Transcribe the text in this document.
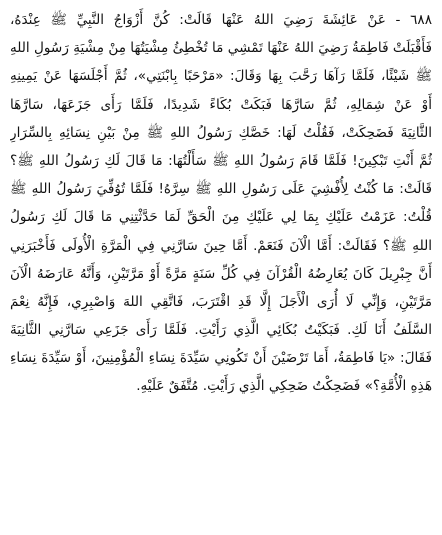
٦٨٨ - عَنْ عَائِشَةَ رَضِيَ اللهُ عَنْهَا قَالَتْ: كُنَّ أَزْوَاجُ النَّبِيِّ ﷺ عِنْدَهُ،
فَأَقْبَلَتْ فَاطِمَةُ رَضِيَ اللهُ عَنْهَا تَمْشِي مَا تُخْطِئُ مِشْيَتُهَا مِنْ مِشْيَةِ رَسُولِ اللهِ
ﷺ شَيْئًا، فَلَمَّا رَآهَا رَحَّبَ بِهَا وَقَالَ: «مَرْحَبًا بِابْنَتِي»، ثُمَّ أَجْلَسَهَا عَنْ يَمِينِهِ
أَوْ عَنْ شِمَالِهِ، ثُمَّ سَارَّهَا فَبَكَتْ بُكَاءً شَدِيدًا، فَلَمَّا رَأَى جَزَعَهَا، سَارَّهَا
الثَّانِيَةَ فَضَحِكَتْ، فَقُلْتُ لَهَا: خَصَّكِ رَسُولُ اللهِ ﷺ مِنْ بَيْنِ نِسَائِهِ بِالسِّرَارِ
ثُمَّ أَنْتِ تَبْكِينَ! فَلَمَّا قَامَ رَسُولُ اللهِ ﷺ سَأَلْتُهَا: مَا قَالَ لَكِ رَسُولُ اللهِ ﷺ؟
قَالَتْ: مَا كُنْتُ لِأُفْشِيَ عَلَى رَسُولِ اللهِ ﷺ سِرَّهُ! فَلَمَّا تُوُفِّيَ رَسُولُ اللهِ ﷺ
قُلْتُ: عَزَمْتُ عَلَيْكِ بِمَا لِي عَلَيْكِ مِنَ الْحَقِّ لَمَا حَدَّثْتِنِي مَا قَالَ لَكِ رَسُولُ
اللهِ ﷺ؟ فَقَالَتْ: أَمَّا الْآنَ فَنَعَمْ. أَمَّا حِينَ سَارَّنِي فِي الْمَرَّةِ الْأُولَى فَأَخْبَرَنِي
أَنَّ جِبْرِيلَ كَانَ يُعَارِضُهُ الْقُرْآنَ فِي كُلِّ سَنَةٍ مَرَّةً أَوْ مَرَّتَيْنِ، وَأَنَّهُ عَارَضَهُ الْآنَ
مَرَّتَيْنِ، وَإِنِّي لَا أُرَى الْأَجَلَ إِلَّا قَدِ اقْتَرَبَ، فَاتَّقِي اللهَ وَاصْبِرِي، فَإِنَّهُ نِعْمَ
السَّلَفُ أَنَا لَكِ. فَبَكَيْتُ بُكَائِي الَّذِي رَأَيْتِ. فَلَمَّا رَأَى جَزَعِي سَارَّنِي الثَّانِيَةَ
فَقَالَ: «يَا فَاطِمَةُ، أَمَا تَرْضَيْنَ أَنْ تَكُونِي سَيِّدَةَ نِسَاءِ الْمُؤْمِنِينَ، أَوْ سَيِّدَةَ نِسَاءِ
هَذِهِ الْأُمَّةِ؟» فَضَحِكْتُ ضَحِكِي الَّذِي رَأَيْتِ. مُتَّفَقٌ عَلَيْهِ.
